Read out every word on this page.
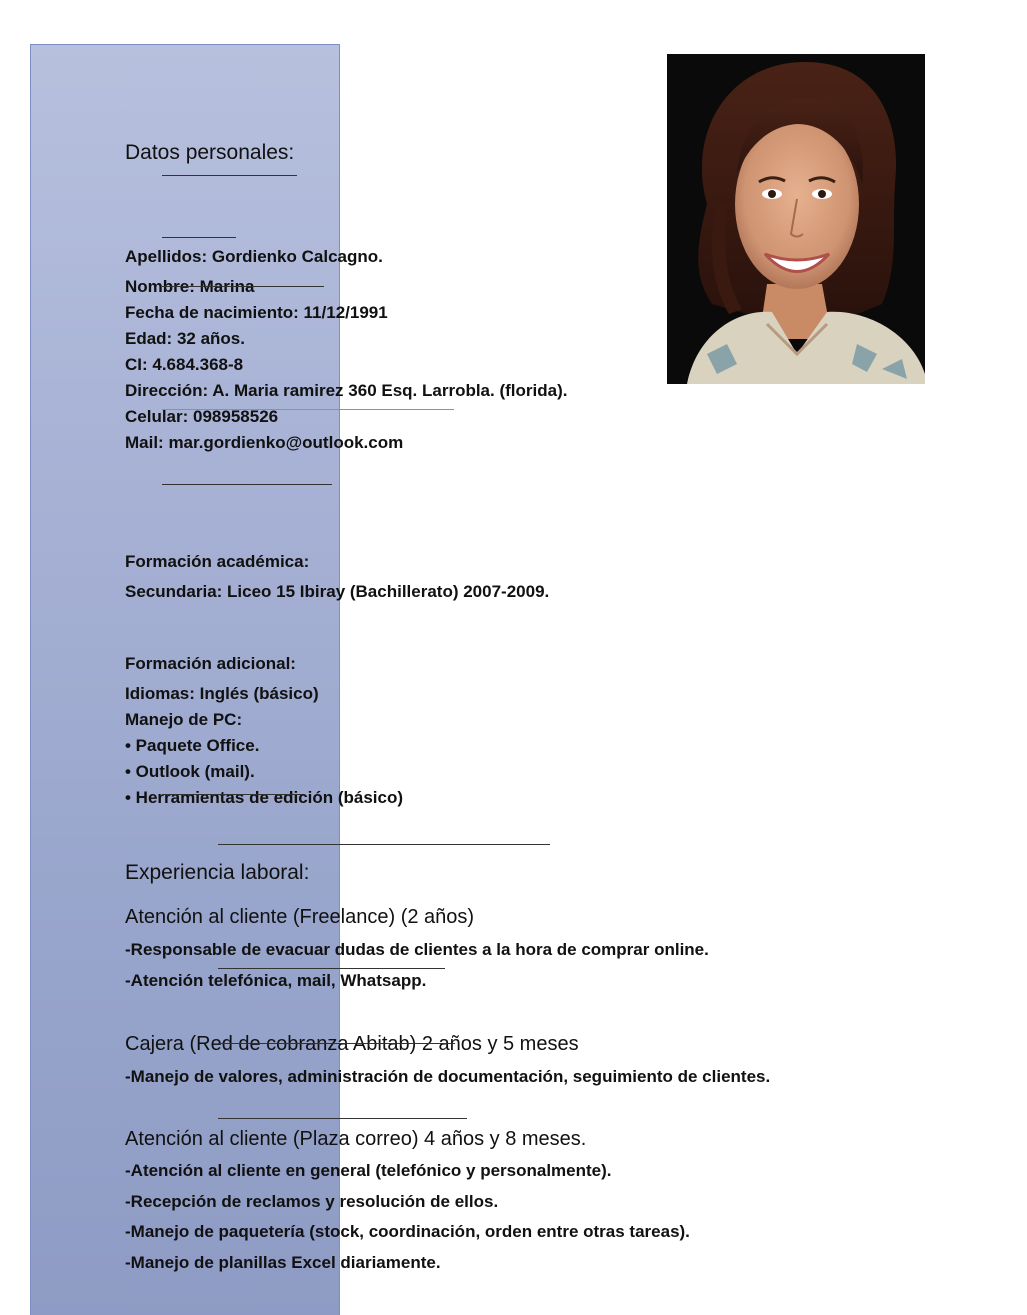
Datos personales:
Apellidos: Gordienko Calcagno.
Nombre: Marina
Fecha de nacimiento: 11/12/1991
Edad: 32 años.
CI: 4.684.368-8
Dirección: A. Maria ramirez 360 Esq. Larrobla. (florida).
Celular: 098958526
Mail: mar.gordienko@outlook.com
Formación académica:
Secundaria: Liceo 15 Ibiray (Bachillerato) 2007-2009.
Formación adicional:
Idiomas: Inglés (básico)
Manejo de PC:
• Paquete Office.
• Outlook (mail).
• Herramientas de edición (básico)
Experiencia laboral:
Atención al cliente (Freelance) (2 años)
-Responsable de evacuar dudas de clientes a la hora de comprar online.
-Atención telefónica, mail, Whatsapp.
Cajera (Red de cobranza Abitab) 2 años y 5 meses
-Manejo de valores, administración de documentación, seguimiento de clientes.
Atención al cliente (Plaza correo) 4 años y 8 meses.
-Atención al cliente en general (telefónico y personalmente).
-Recepción de reclamos y resolución de ellos.
-Manejo de paquetería (stock, coordinación, orden entre otras tareas).
-Manejo de planillas Excel diariamente.
